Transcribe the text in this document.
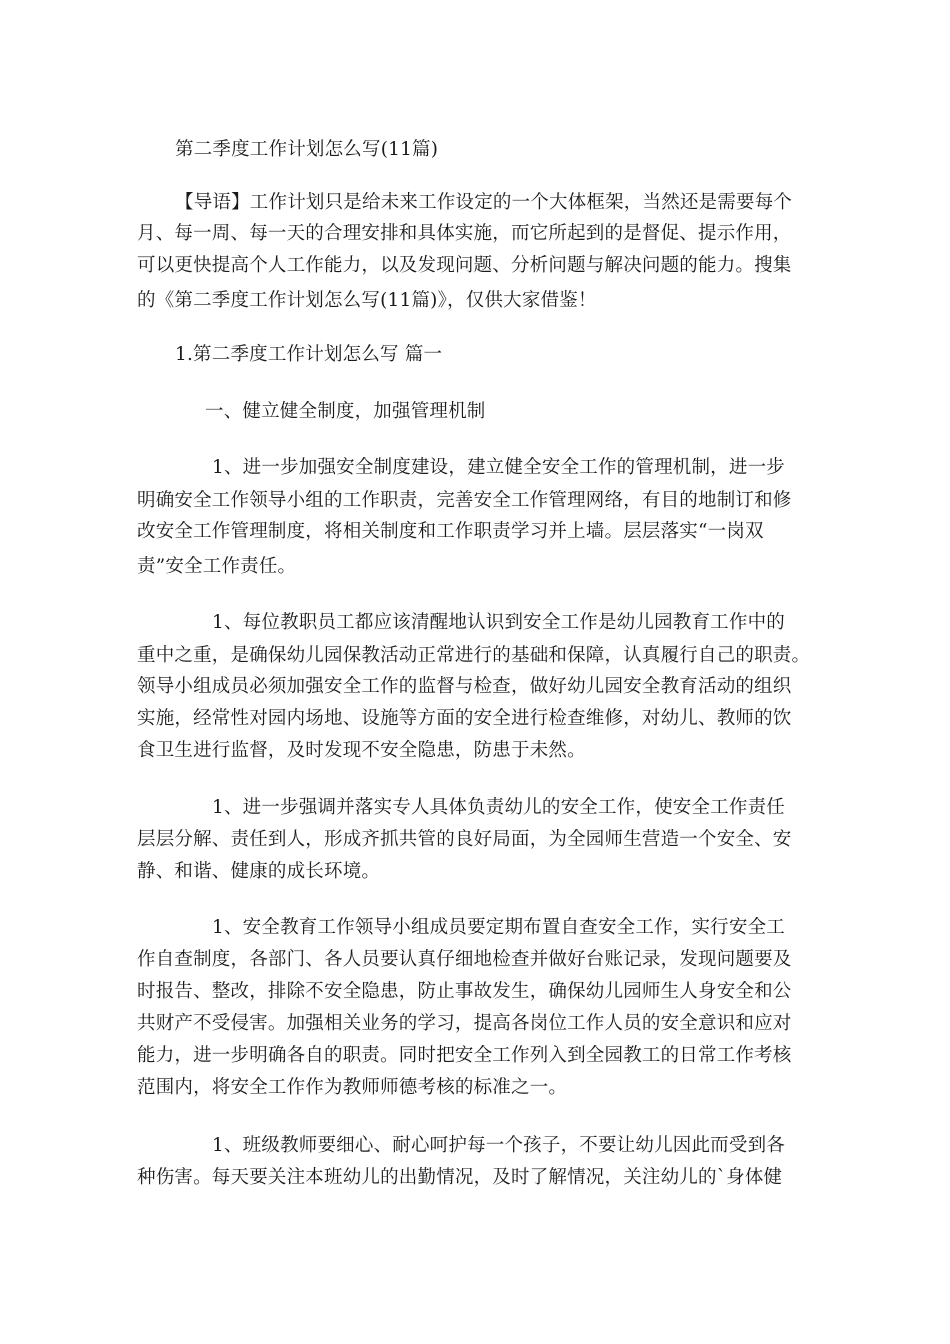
第二季度工作计划怎么写(11篇)
【导语】工作计划只是给未来工作设定的一个大体框架，当然还是需要每个
月、每一周、每一天的合理安排和具体实施，而它所起到的是督促、提示作用，
可以更快提高个人工作能力，以及发现问题、分析问题与解决问题的能力。搜集
的《第二季度工作计划怎么写(11篇)》，仅供大家借鉴！
1.第二季度工作计划怎么写 篇一
一、健立健全制度，加强管理机制
1、进一步加强安全制度建设，建立健全安全工作的管理机制，进一步
明确安全工作领导小组的工作职责，完善安全工作管理网络，有目的地制订和修
改安全工作管理制度，将相关制度和工作职责学习并上墙。层层落实“一岗双
责”安全工作责任。
1、每位教职员工都应该清醒地认识到安全工作是幼儿园教育工作中的
重中之重，是确保幼儿园保教活动正常进行的基础和保障，认真履行自己的职责。
领导小组成员必须加强安全工作的监督与检查，做好幼儿园安全教育活动的组织
实施，经常性对园内场地、设施等方面的安全进行检查维修，对幼儿、教师的饮
食卫生进行监督，及时发现不安全隐患，防患于未然。
1、进一步强调并落实专人具体负责幼儿的安全工作，使安全工作责任
层层分解、责任到人，形成齐抓共管的良好局面，为全园师生营造一个安全、安
静、和谐、健康的成长环境。
1、安全教育工作领导小组成员要定期布置自查安全工作，实行安全工
作自查制度，各部门、各人员要认真仔细地检查并做好台账记录，发现问题要及
时报告、整改，排除不安全隐患，防止事故发生，确保幼儿园师生人身安全和公
共财产不受侵害。加强相关业务的学习，提高各岗位工作人员的安全意识和应对
能力，进一步明确各自的职责。同时把安全工作列入到全园教工的日常工作考核
范围内，将安全工作作为教师师德考核的标准之一。
1、班级教师要细心、耐心呵护每一个孩子，不要让幼儿因此而受到各
种伤害。每天要关注本班幼儿的出勤情况，及时了解情况，关注幼儿的`身体健
